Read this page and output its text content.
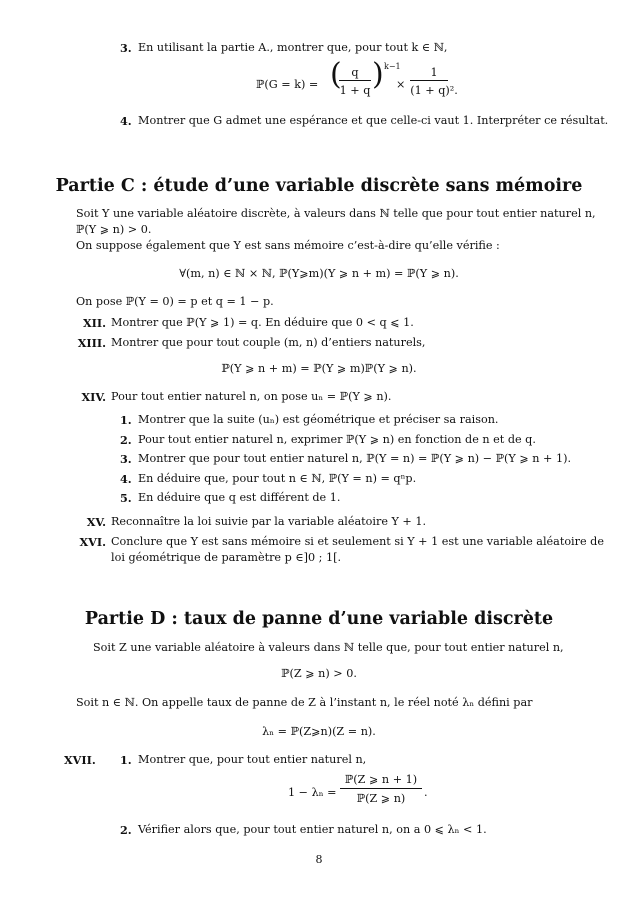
3. En utilisant la partie A., montrer que, pour tout k ∈ ℕ,
ℙ(G = k) = ( q
1 + q ) k−1
×
1
(1 + q)².
4. Montrer que G admet une espérance et que celle-ci vaut 1. Interpréter ce résultat.
Partie C : étude d’une variable discrète sans mémoire
Soit Y une variable aléatoire discrète, à valeurs dans ℕ telle que pour tout entier naturel n,
ℙ(Y ⩾ n) > 0.
On suppose également que Y est sans mémoire c’est-à-dire qu’elle vérifie :
∀(m, n) ∈ ℕ × ℕ, ℙ(Y⩾m)(Y ⩾ n + m) = ℙ(Y ⩾ n).
On pose ℙ(Y = 0) = p et q = 1 − p.
XII. Montrer que ℙ(Y ⩾ 1) = q. En déduire que 0 < q ⩽ 1.
XIII. Montrer que pour tout couple (m, n) d’entiers naturels,
ℙ(Y ⩾ n + m) = ℙ(Y ⩾ m)ℙ(Y ⩾ n).
XIV. Pour tout entier naturel n, on pose uₙ = ℙ(Y ⩾ n).
1. Montrer que la suite (uₙ) est géométrique et préciser sa raison.
2. Pour tout entier naturel n, exprimer ℙ(Y ⩾ n) en fonction de n et de q.
3. Montrer que pour tout entier naturel n, ℙ(Y = n) = ℙ(Y ⩾ n) − ℙ(Y ⩾ n + 1).
4. En déduire que, pour tout n ∈ ℕ, ℙ(Y = n) = qⁿp.
5. En déduire que q est différent de 1.
XV. Reconnaître la loi suivie par la variable aléatoire Y + 1.
XVI. Conclure que Y est sans mémoire si et seulement si Y + 1 est une variable aléatoire de
loi géométrique de paramètre p ∈]0 ; 1[.
Partie D : taux de panne d’une variable discrète
Soit Z une variable aléatoire à valeurs dans ℕ telle que, pour tout entier naturel n,
ℙ(Z ⩾ n) > 0.
Soit n ∈ ℕ. On appelle taux de panne de Z à l’instant n, le réel noté λₙ défini par
λₙ = ℙ(Z⩾n)(Z = n).
XVII. 1. Montrer que, pour tout entier naturel n,
1 − λₙ =
ℙ(Z ⩾ n + 1)
ℙ(Z ⩾ n)	.
2. Vérifier alors que, pour tout entier naturel n, on a 0 ⩽ λₙ < 1.
8
